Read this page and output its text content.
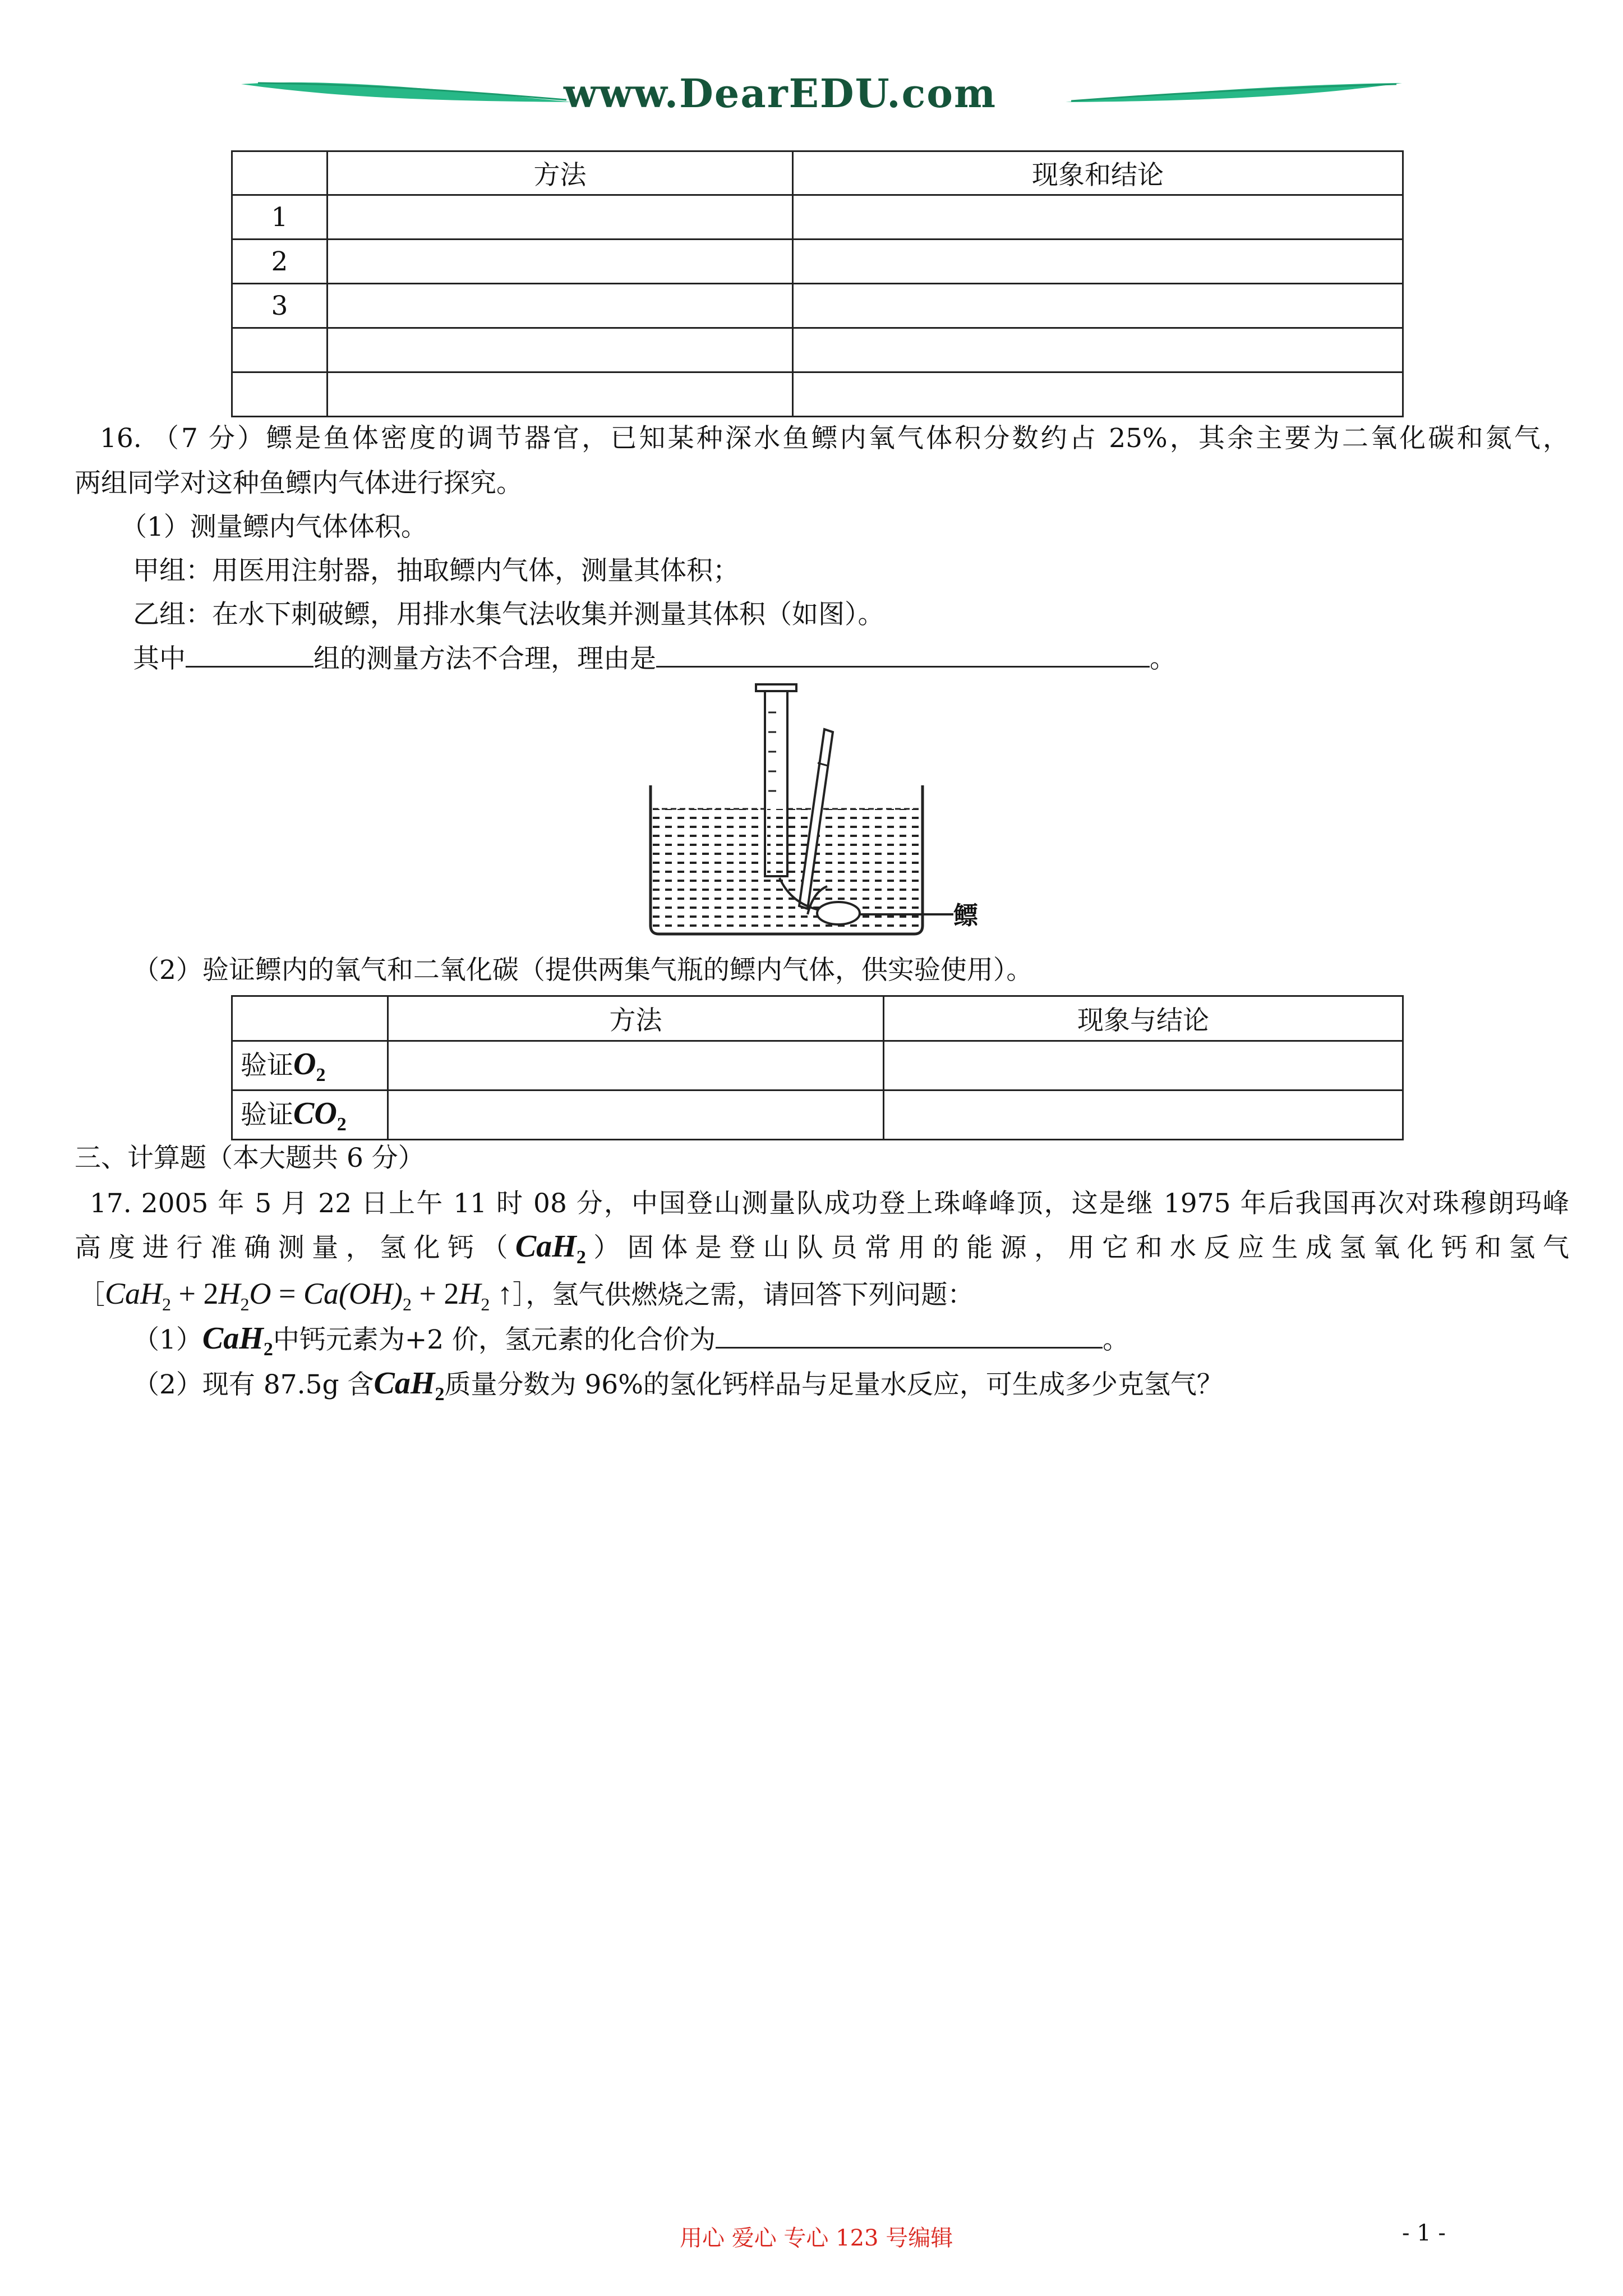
www.DearEDU.com
	方法	现象和结论
1		
2		
3		

16. （7 分）鳔是鱼体密度的调节器官，已知某种深水鱼鳔内氧气体积分数约占 25%，其余主要为二氧化碳和氮气，
两组同学对这种鱼鳔内气体进行探究。
（1）测量鳔内气体体积。
甲组：用医用注射器，抽取鳔内气体，测量其体积；
乙组：在水下刺破鳔，用排水集气法收集并测量其体积（如图）。
其中	组的测量方法不合理，理由是	。
鳔
（2）验证鳔内的氧气和二氧化碳（提供两集气瓶的鳔内气体，供实验使用）。
	方法	现象与结论
验证$O_2$		
验证$CO_2$		
三、计算题（本大题共 6 分）
17. 2005 年 5 月 22 日上午 11 时 08 分，中国登山测量队成功登上珠峰峰顶，这是继 1975 年后我国再次对珠穆朗玛峰
高度进行准确测量，氢化钙（CaH$_2$）固体是登山队员常用的能源，用它和水反应生成氢氧化钙和氢气
［CaH$_2$ + $2H_2O = Ca(OH)_2 + 2H_2$ ↑］，氢气供燃烧之需，请回答下列问题：
（1）CaH$_2$中钙元素为+2 价，氢元素的化合价为	。
（2）现有 87.5g 含CaH$_2$质量分数为 96%的氢化钙样品与足量水反应，可生成多少克氢气？
用心 爱心 专心 123 号编辑	- 1 -
